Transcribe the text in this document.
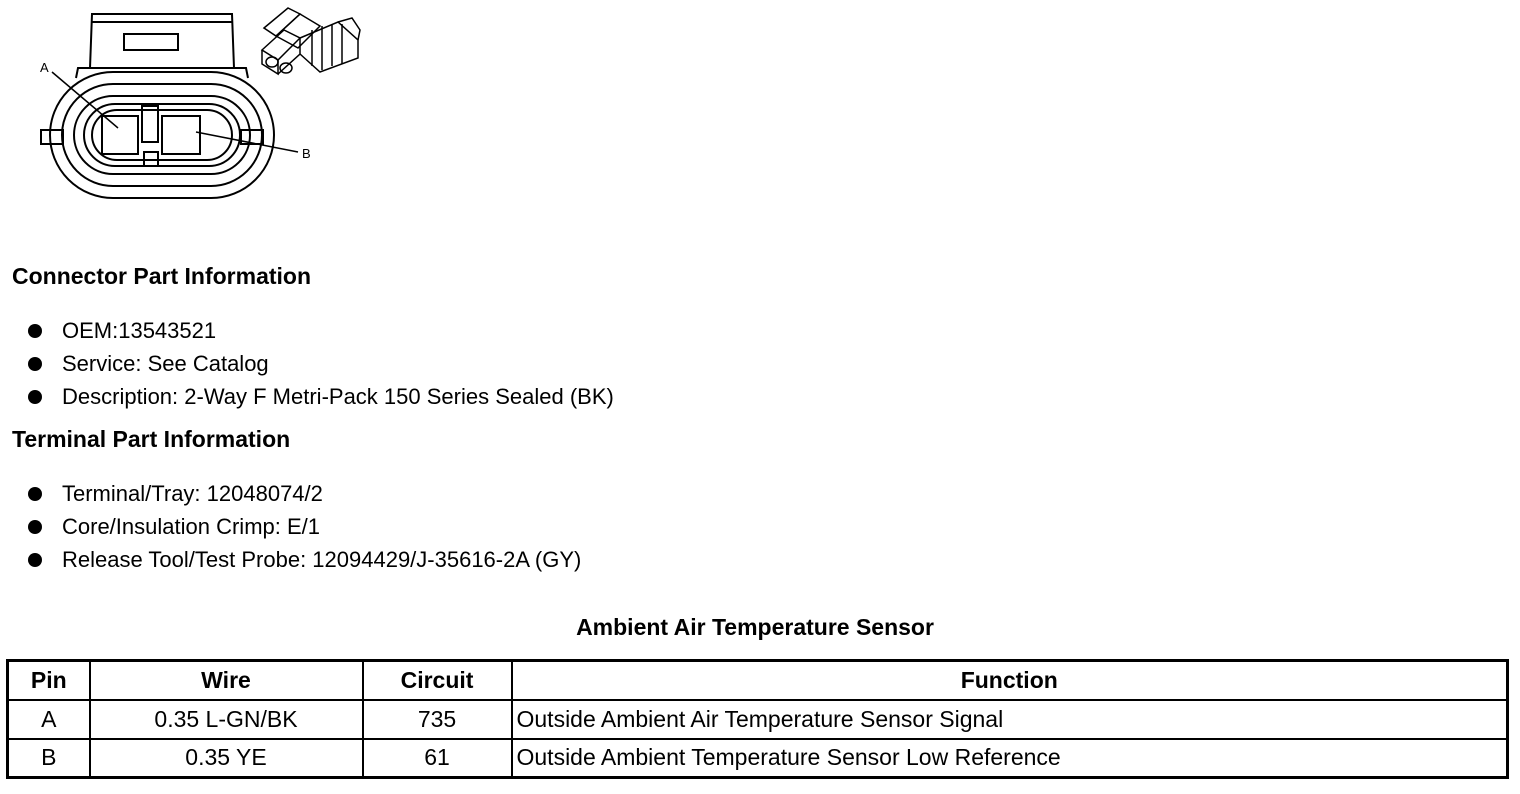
A
B
Connector Part Information
OEM:13543521
Service: See Catalog
Description: 2-Way F Metri-Pack 150 Series Sealed (BK)
Terminal Part Information
Terminal/Tray: 12048074/2
Core/Insulation Crimp: E/1
Release Tool/Test Probe: 12094429/J-35616-2A (GY)
Ambient Air Temperature Sensor
Pin	Wire	Circuit	Function
A	0.35 L-GN/BK	735	Outside Ambient Air Temperature Sensor Signal
B	0.35 YE	61	Outside Ambient Temperature Sensor Low Reference
